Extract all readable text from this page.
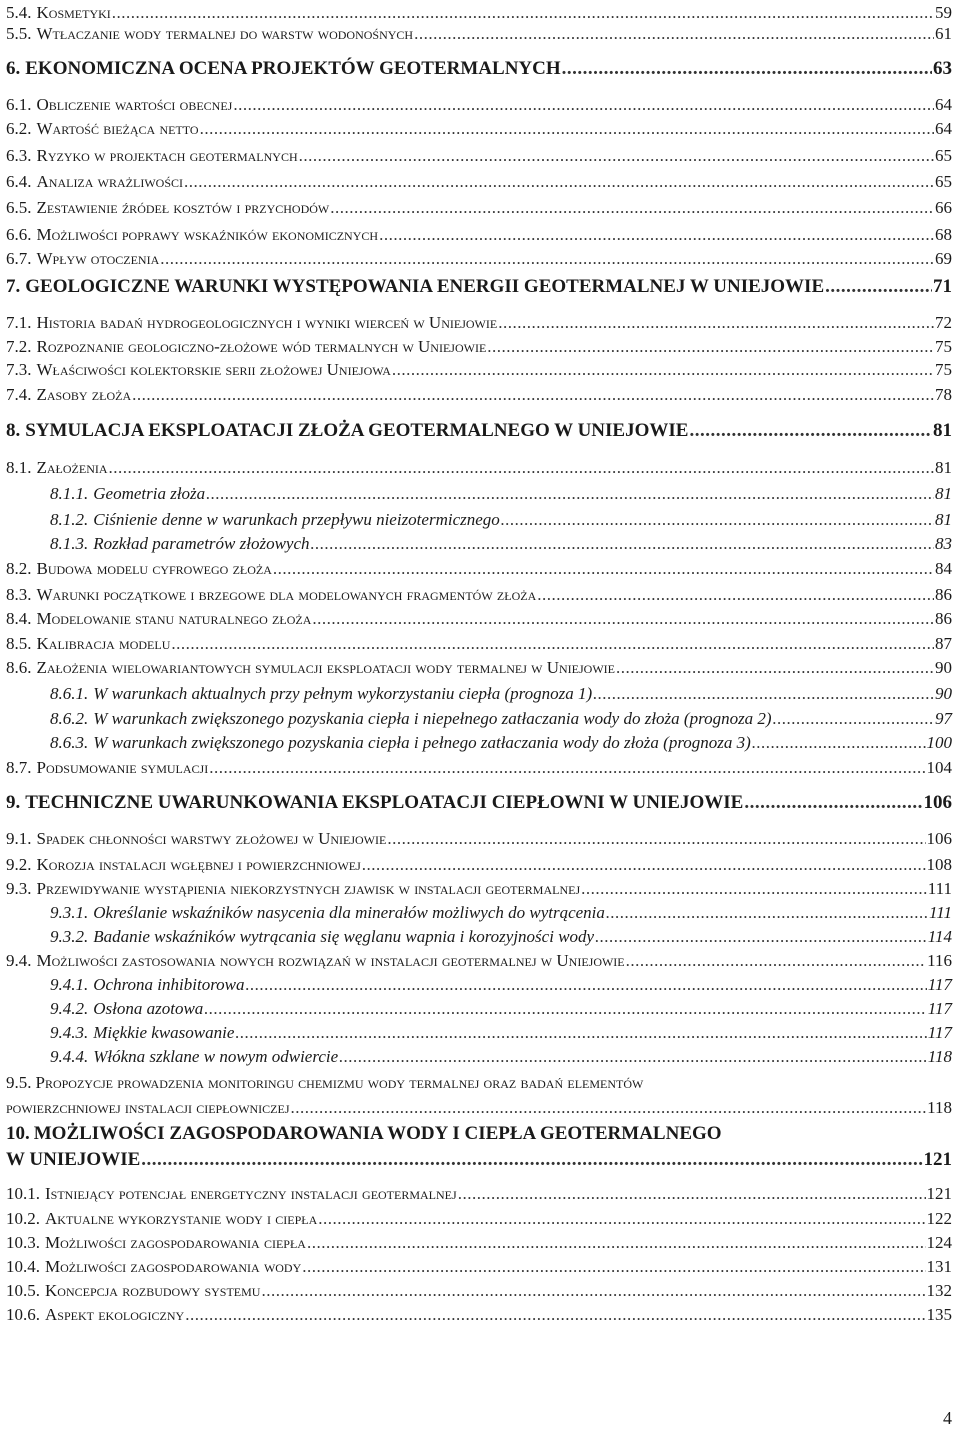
5.4. Kosmetyki .....	59
5.5. Wtłaczanie wody termalnej do warstw wodonośnych .....	61
6. EKONOMICZNA OCENA PROJEKTÓW GEOTERMALNYCH .....	63
6.1. Obliczenie wartości obecnej .....	64
6.2. Wartość bieżąca netto .....	64
6.3. Ryzyko w projektach geotermalnych .....	65
6.4. Analiza wrażliwości .....	65
6.5. Zestawienie źródeł kosztów i przychodów .....	66
6.6. Możliwości poprawy wskaźników ekonomicznych .....	68
6.7. Wpływ otoczenia .....	69
7. GEOLOGICZNE WARUNKI WYSTĘPOWANIA ENERGII GEOTERMALNEJ W UNIEJOWIE .....	71
7.1. Historia badań hydrogeologicznych i wyniki wierceń w Uniejowie .....	72
7.2. Rozpoznanie geologiczno-złożowe wód termalnych w Uniejowie .....	75
7.3. Właściwości kolektorskie serii złożowej Uniejowa .....	75
7.4. Zasoby złoża .....	78
8. SYMULACJA EKSPLOATACJI ZŁOŻA GEOTERMALNEGO W UNIEJOWIE .....	81
8.1. Założenia .....	81
8.1.1. Geometria złoża .....	81
8.1.2. Ciśnienie denne w warunkach przepływu nieizotermicznego .....	81
8.1.3. Rozkład parametrów złożowych .....	83
8.2. Budowa modelu cyfrowego złoża .....	84
8.3. Warunki początkowe i brzegowe dla modelowanych fragmentów złoża .....	86
8.4. Modelowanie stanu naturalnego złoża .....	86
8.5. Kalibracja modelu .....	87
8.6. Założenia wielowariantowych symulacji eksploatacji wody termalnej w Uniejowie .....	90
8.6.1. W warunkach aktualnych przy pełnym wykorzystaniu ciepła (prognoza 1) .....	90
8.6.2. W warunkach zwiększonego pozyskania ciepła i niepełnego zatłaczania wody do złoża (prognoza 2) .....	97
8.6.3. W warunkach zwiększonego pozyskania ciepła i pełnego zatłaczania wody do złoża (prognoza 3) .....	100
8.7. Podsumowanie symulacji .....	104
9. TECHNICZNE UWARUNKOWANIA EKSPLOATACJI CIEPŁOWNI W UNIEJOWIE .....	106
9.1. Spadek chłonności warstwy złożowej w Uniejowie .....	106
9.2. Korozja instalacji wgłębnej i powierzchniowej .....	108
9.3. Przewidywanie wystąpienia niekorzystnych zjawisk w instalacji geotermalnej .....	111
9.3.1. Określanie wskaźników nasycenia dla minerałów możliwych do wytrącenia .....	111
9.3.2. Badanie wskaźników wytrącania się węglanu wapnia i korozyjności wody .....	114
9.4. Możliwości zastosowania nowych rozwiązań w instalacji geotermalnej w Uniejowie .....	116
9.4.1. Ochrona inhibitorowa .....	117
9.4.2. Osłona azotowa .....	117
9.4.3. Miękkie kwasowanie .....	117
9.4.4. Włókna szklane w nowym odwiercie .....	118
9.5. Propozycje prowadzenia monitoringu chemizmu wody termalnej oraz badań elementów
powierzchniowej instalacji ciepłowniczej .....	118
10. MOŻLIWOŚCI ZAGOSPODAROWANIA WODY I CIEPŁA GEOTERMALNEGO
W UNIEJOWIE .....	121
10.1. Istniejący potencjał energetyczny instalacji geotermalnej .....	121
10.2. Aktualne wykorzystanie wody i ciepła .....	122
10.3. Możliwości zagospodarowania ciepła .....	124
10.4. Możliwości zagospodarowania wody .....	131
10.5. Koncepcja rozbudowy systemu .....	132
10.6. Aspekt ekologiczny .....	135
4
